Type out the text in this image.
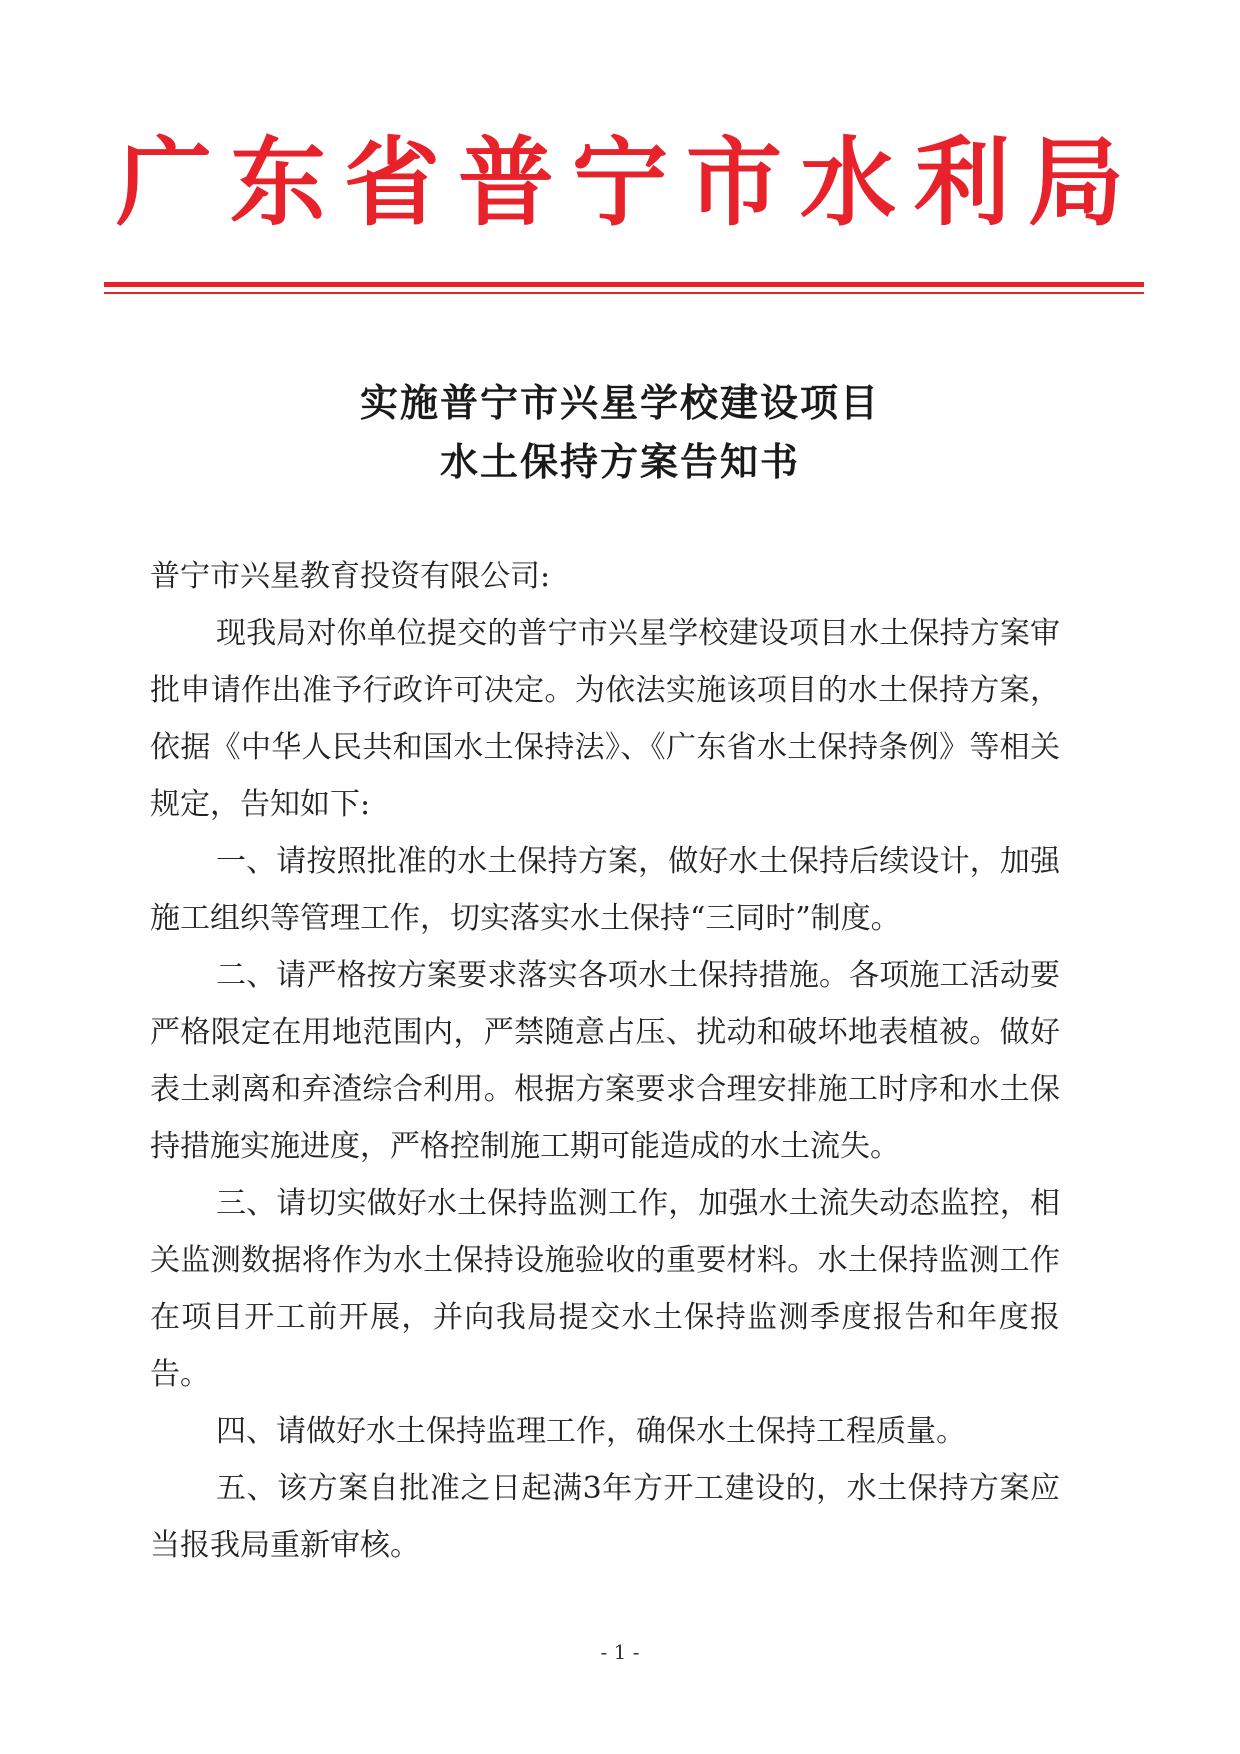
广东省普宁市水利局
实施普宁市兴星学校建设项目
水土保持方案告知书

普宁市兴星教育投资有限公司:

现我局对你单位提交的普宁市兴星学校建设项目水土保持方案审批申请作出准予行政许可决定。为依法实施该项目的水土保持方案，依据《中华人民共和国水土保持法》、《广东省水土保持条例》等相关规定，告知如下:

一、请按照批准的水土保持方案，做好水土保持后续设计，加强施工组织等管理工作，切实落实水土保持“三同时”制度。

二、请严格按方案要求落实各项水土保持措施。各项施工活动要严格限定在用地范围内，严禁随意占压、扰动和破坏地表植被。做好表土剥离和弃渣综合利用。根据方案要求合理安排施工时序和水土保持措施实施进度，严格控制施工期可能造成的水土流失。

三、请切实做好水土保持监测工作，加强水土流失动态监控，相关监测数据将作为水土保持设施验收的重要材料。水土保持监测工作在项目开工前开展，并向我局提交水土保持监测季度报告和年度报告。

四、请做好水土保持监理工作，确保水土保持工程质量。

五、该方案自批准之日起满3年方开工建设的，水土保持方案应当报我局重新审核。

- 1 -
